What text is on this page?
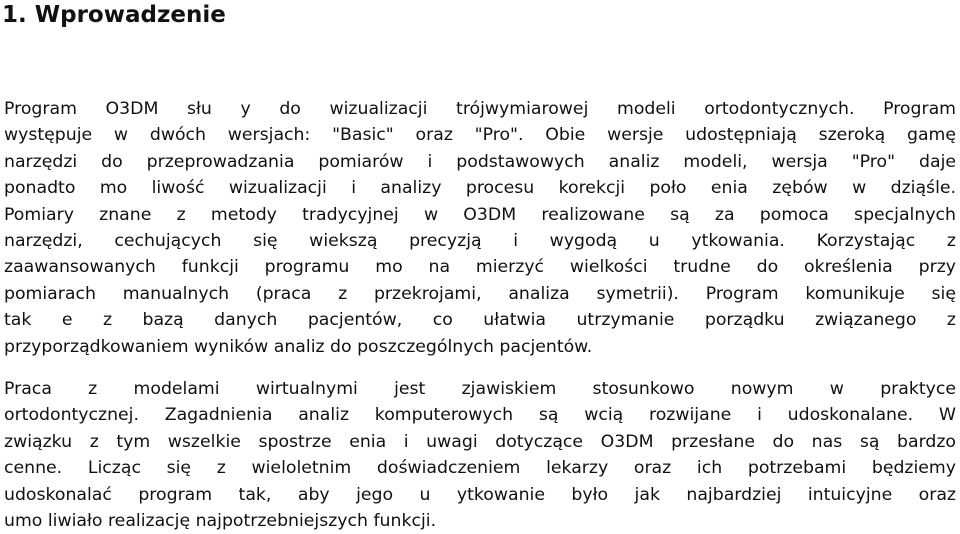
1. Wprowadzenie
Program O3DM słu y do wizualizacji trójwymiarowej modeli ortodontycznych. Program
występuje w dwóch wersjach: "Basic" oraz "Pro". Obie wersje udostępniają szeroką gamę
narzędzi do przeprowadzania pomiarów i podstawowych analiz modeli, wersja "Pro" daje
ponadto mo liwość wizualizacji i analizy procesu korekcji poło enia zębów w dziąśle.
Pomiary znane z metody tradycyjnej w O3DM realizowane są za pomoca specjalnych
narzędzi, cechujących się wiekszą precyzją i wygodą u ytkowania. Korzystając z
zaawansowanych funkcji programu mo na mierzyć wielkości trudne do określenia przy
pomiarach manualnych (praca z przekrojami, analiza symetrii). Program komunikuje się
tak e z bazą danych pacjentów, co ułatwia utrzymanie porządku związanego z
przyporządkowaniem wyników analiz do poszczególnych pacjentów.
Praca z modelami wirtualnymi jest zjawiskiem stosunkowo nowym w praktyce
ortodontycznej. Zagadnienia analiz komputerowych są wcią rozwijane i udoskonalane. W
związku z tym wszelkie spostrze enia i uwagi dotyczące O3DM przesłane do nas są bardzo
cenne. Licząc się z wieloletnim doświadczeniem lekarzy oraz ich potrzebami będziemy
udoskonalać program tak, aby jego u ytkowanie było jak najbardziej intuicyjne oraz
umo liwiało realizację najpotrzebniejszych funkcji.
